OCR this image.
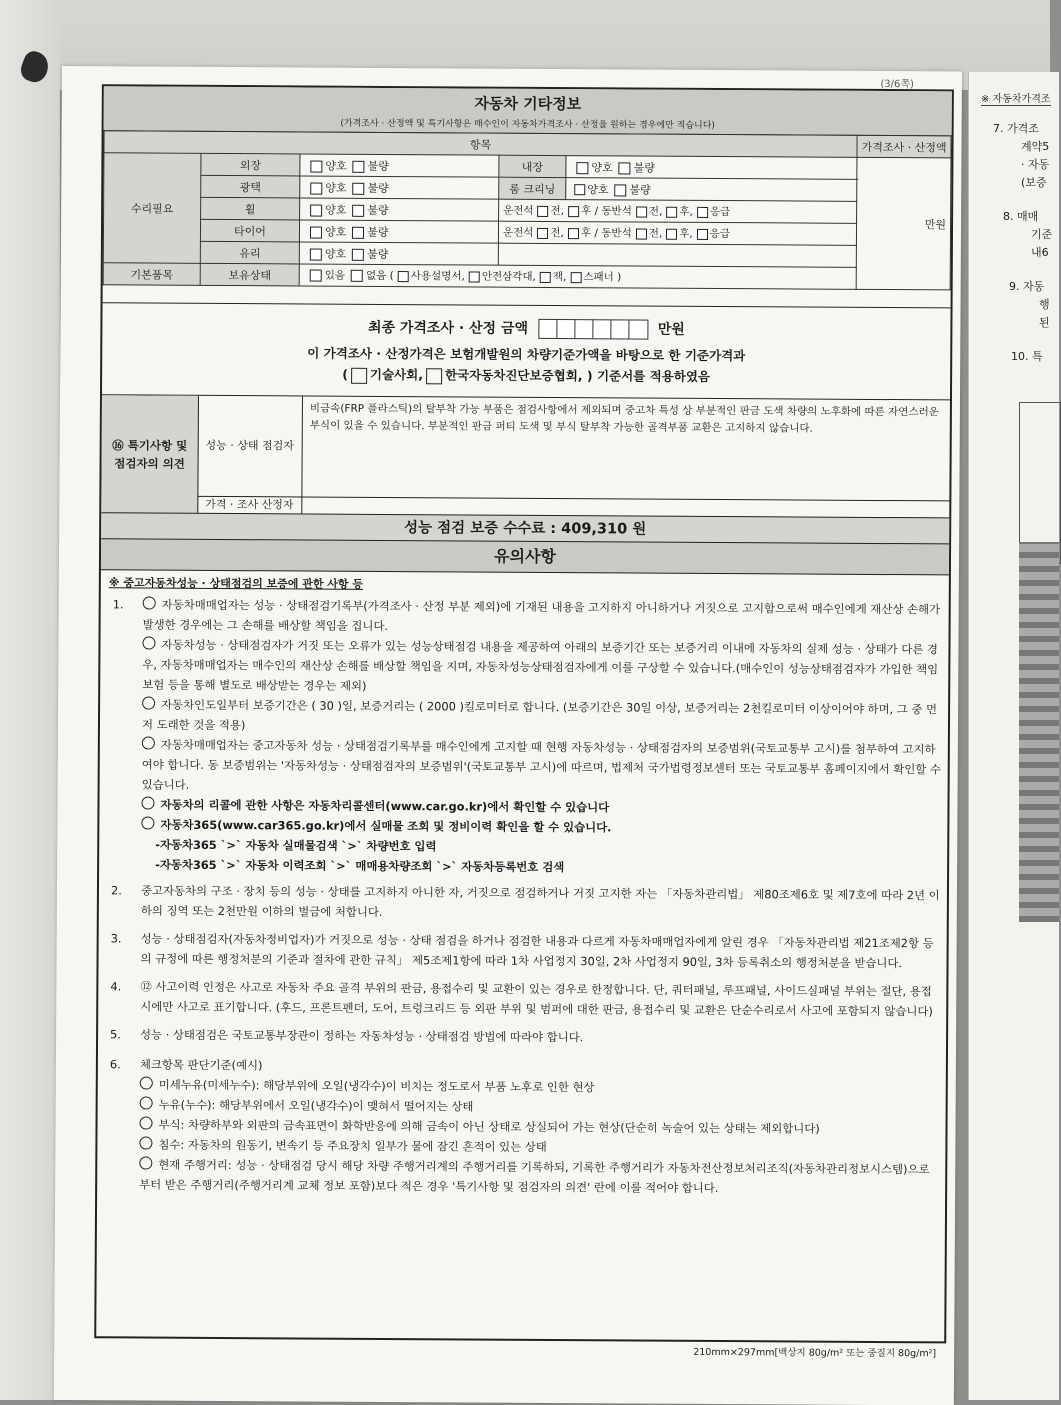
※ 자동차가격조
7. 가격조
계약5
· 자동
(보증
8. 매매
기준
내6
9. 자동
행
된
10. 특
(3/6쪽)
자동차 기타정보
(가격조사 · 산정액 및 특기사항은 매수인이 자동차가격조사 · 산정을 원하는 경우에만 적습니다)
항목					가격조사 · 산정액
수리필요	외장	양호 불량	내장	양호 불량	만원
	광택	양호 불량	룸 크리닝	양호 불량	
	휠	양호 불량	운전석 전, 후 / 동반석 전, 후, 응급		
	타이어	양호 불량	운전석 전, 후 / 동반석 전, 후, 응급		
	유리	양호 불량			
기본품목	보유상태	있음 없음 ( 사용설명서, 안전삼각대, 잭, 스패너 )			
최종 가격조사 · 산정 금액	만원
이 가격조사 · 산정가격은 보험개발원의 차량기준가액을 바탕으로 한 기준가격과
( 기술사회, 한국자동차진단보증협회, ) 기준서를 적용하였음
⑯ 특기사항 및
점검자의 의견
성능 · 상태 점검자
가격 · 조사 산정자
비금속(FRP 플라스틱)의 탈부착 가능 부품은 점검사항에서 제외되며 중고차 특성 상 부분적인 판금 도색 차량의 노후화에 따른 자연스러운 부식이 있을 수 있습니다. 부분적인 판금 퍼티 도색 및 부식 탈부착 가능한 골격부품 교환은 고지하지 않습니다.
성능 점검 보증 수수료 : 409,310 원
유의사항
※ 중고자동차성능 · 상태점검의 보증에 관한 사항 등
1.	자동차매매업자는 성능 · 상태점검기록부(가격조사 · 산정 부분 제외)에 기재된 내용을 고지하지 아니하거나 거짓으로 고지함으로써 매수인에게 재산상 손해가 발생한 경우에는 그 손해를 배상할 책임을 집니다.
자동차성능 · 상태점검자가 거짓 또는 오류가 있는 성능상태점검 내용을 제공하여 아래의 보증기간 또는 보증거리 이내에 자동차의 실제 성능 · 상태가 다른 경우, 자동차매매업자는 매수인의 재산상 손해를 배상할 책임을 지며, 자동차성능상태점검자에게 이를 구상할 수 있습니다.(매수인이 성능상태점검자가 가입한 책임보험 등을 통해 별도로 배상받는 경우는 제외)
자동차인도일부터 보증기간은 ( 30 )일, 보증거리는 ( 2000 )킬로미터로 합니다. (보증기간은 30일 이상, 보증거리는 2천킬로미터 이상이어야 하며, 그 중 먼저 도래한 것을 적용)
자동차매매업자는 중고자동차 성능 · 상태점검기록부를 매수인에게 고지할 때 현행 자동차성능 · 상태점검자의 보증범위(국토교통부 고시)를 첨부하여 고지하여야 합니다. 동 보증범위는 '자동차성능 · 상태점검자의 보증범위'(국토교통부 고시)에 따르며, 법제처 국가법령정보센터 또는 국토교통부 홈페이지에서 확인할 수 있습니다.
자동차의 리콜에 관한 사항은 자동차리콜센터(www.car.go.kr)에서 확인할 수 있습니다
자동차365(www.car365.go.kr)에서 실매물 조회 및 정비이력 확인을 할 수 있습니다.
-자동차365 `>` 자동차 실매물검색 `>` 차량번호 입력
-자동차365 `>` 자동차 이력조회 `>` 매매용차량조회 `>` 자동차등록번호 검색
2.	중고자동차의 구조 · 장치 등의 성능 · 상태를 고지하지 아니한 자, 거짓으로 점검하거나 거짓 고지한 자는 「자동차관리법」 제80조제6호 및 제7호에 따라 2년 이하의 징역 또는 2천만원 이하의 벌금에 처합니다.
3.	성능 · 상태점검자(자동차정비업자)가 거짓으로 성능 · 상태 점검을 하거나 점검한 내용과 다르게 자동차매매업자에게 알린 경우 「자동차관리법 제21조제2항 등의 규정에 따른 행정처분의 기준과 절차에 관한 규칙」 제5조제1항에 따라 1차 사업정지 30일, 2차 사업정지 90일, 3차 등록취소의 행정처분을 받습니다.
4.	⑫ 사고이력 인정은 사고로 자동차 주요 골격 부위의 판금, 용접수리 및 교환이 있는 경우로 한정합니다. 단, 쿼터패널, 루프패널, 사이드실패널 부위는 절단, 용접 시에만 사고로 표기합니다. (후드, 프론트펜더, 도어, 트렁크리드 등 외판 부위 및 범퍼에 대한 판금, 용접수리 및 교환은 단순수리로서 사고에 포함되지 않습니다)
5.	성능 · 상태점검은 국토교통부장관이 정하는 자동차성능 · 상태점검 방법에 따라야 합니다.
6.	체크항목 판단기준(예시)
미세누유(미세누수): 해당부위에 오일(냉각수)이 비치는 정도로서 부품 노후로 인한 현상
누유(누수): 해당부위에서 오일(냉각수)이 맺혀서 떨어지는 상태
부식: 차량하부와 외판의 금속표면이 화학반응에 의해 금속이 아닌 상태로 상실되어 가는 현상(단순히 녹슬어 있는 상태는 제외합니다)
침수: 자동차의 원동기, 변속기 등 주요장치 일부가 물에 잠긴 흔적이 있는 상태
현재 주행거리: 성능 · 상태점검 당시 해당 차량 주행거리계의 주행거리를 기록하되, 기록한 주행거리가 자동차전산정보처리조직(자동차관리정보시스템)으로부터 받은 주행거리(주행거리계 교체 정보 포함)보다 적은 경우 '특기사항 및 점검자의 의견' 란에 이를 적어야 합니다.
210mm×297mm[백상지 80g/m² 또는 중질지 80g/m²]
